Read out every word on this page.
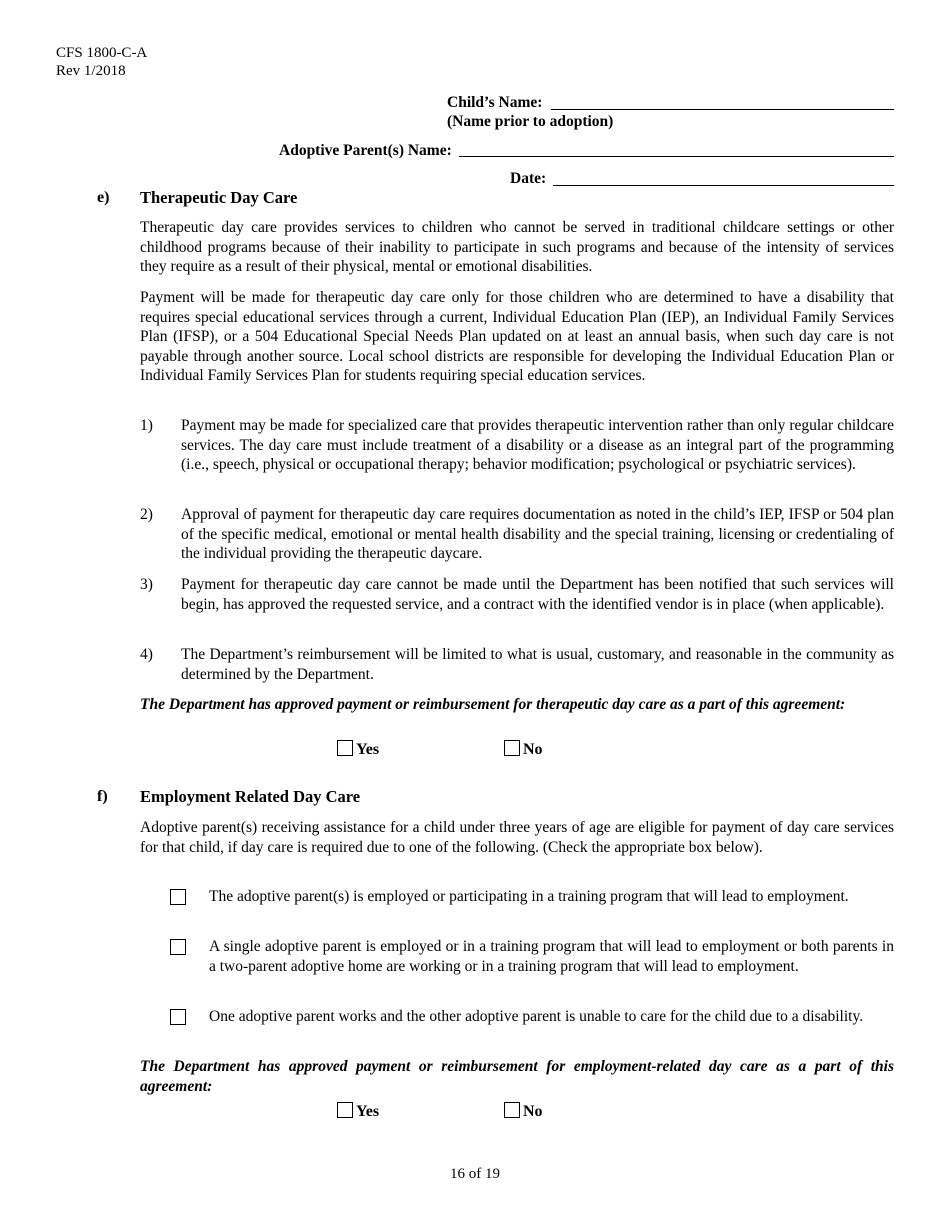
CFS 1800-C-A
Rev 1/2018
Child’s Name:
(Name prior to adoption)
Adoptive Parent(s) Name:
Date:
e) Therapeutic Day Care
Therapeutic day care provides services to children who cannot be served in traditional childcare settings or other childhood programs because of their inability to participate in such programs and because of the intensity of services they require as a result of their physical, mental or emotional disabilities.
Payment will be made for therapeutic day care only for those children who are determined to have a disability that requires special educational services through a current, Individual Education Plan (IEP), an Individual Family Services Plan (IFSP), or a 504 Educational Special Needs Plan updated on at least an annual basis, when such day care is not payable through another source. Local school districts are responsible for developing the Individual Education Plan or Individual Family Services Plan for students requiring special education services.
1) Payment may be made for specialized care that provides therapeutic intervention rather than only regular childcare services. The day care must include treatment of a disability or a disease as an integral part of the programming (i.e., speech, physical or occupational therapy; behavior modification; psychological or psychiatric services).
2) Approval of payment for therapeutic day care requires documentation as noted in the child’s IEP, IFSP or 504 plan of the specific medical, emotional or mental health disability and the special training, licensing or credentialing of the individual providing the therapeutic daycare.
3) Payment for therapeutic day care cannot be made until the Department has been notified that such services will begin, has approved the requested service, and a contract with the identified vendor is in place (when applicable).
4) The Department’s reimbursement will be limited to what is usual, customary, and reasonable in the community as determined by the Department.
The Department has approved payment or reimbursement for therapeutic day care as a part of this agreement:
Yes	No
f) Employment Related Day Care
Adoptive parent(s) receiving assistance for a child under three years of age are eligible for payment of day care services for that child, if day care is required due to one of the following. (Check the appropriate box below).
The adoptive parent(s) is employed or participating in a training program that will lead to employment.
A single adoptive parent is employed or in a training program that will lead to employment or both parents in a two-parent adoptive home are working or in a training program that will lead to employment.
One adoptive parent works and the other adoptive parent is unable to care for the child due to a disability.
The Department has approved payment or reimbursement for employment-related day care as a part of this agreement:
Yes	No
16 of 19
